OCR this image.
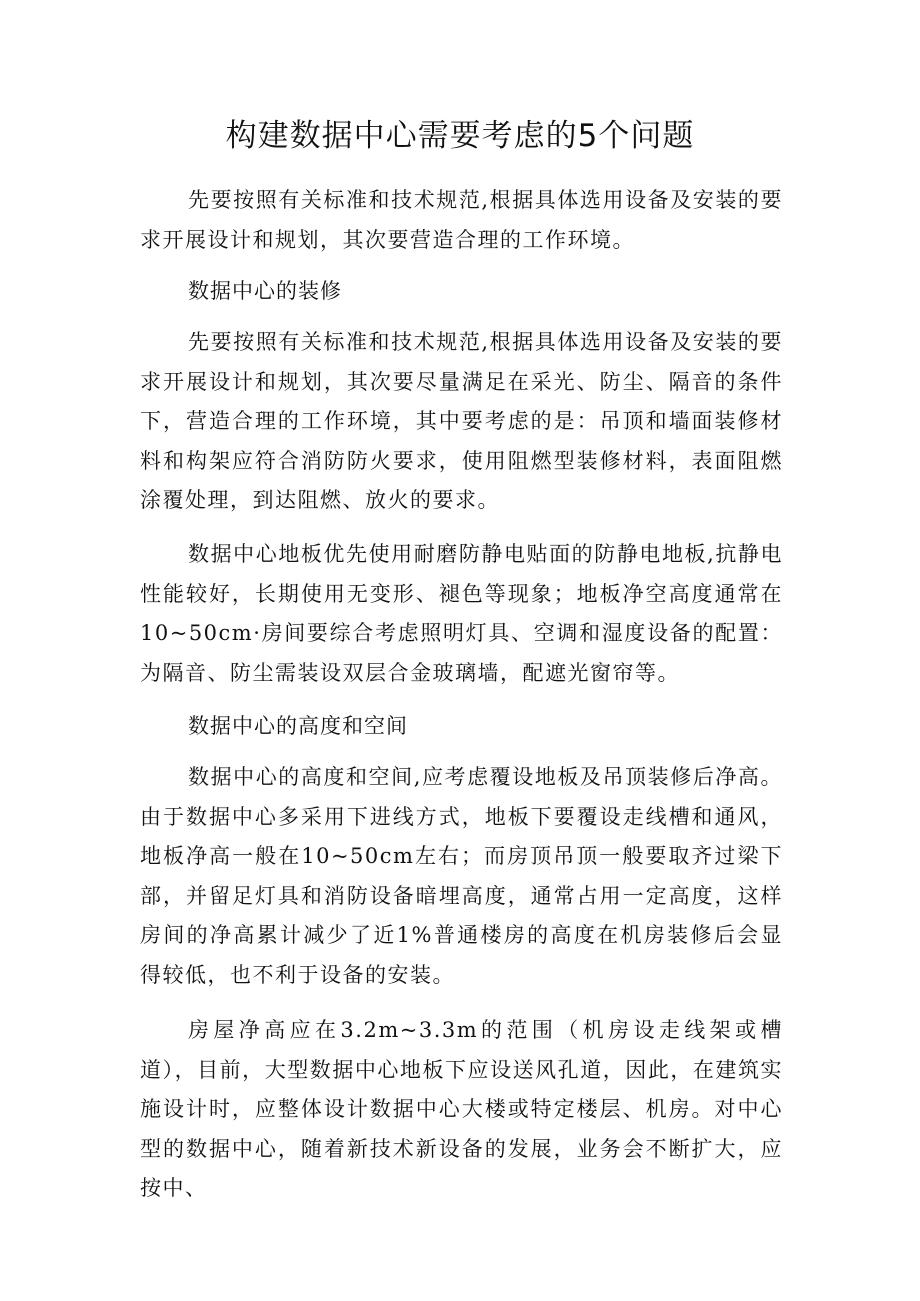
构建数据中心需要考虑的5个问题

先要按照有关标准和技术规范,根据具体选用设备及安装的要求开展设计和规划，其次要营造合理的工作环境。

数据中心的装修

先要按照有关标准和技术规范,根据具体选用设备及安装的要求开展设计和规划，其次要尽量满足在采光、防尘、隔音的条件下，营造合理的工作环境，其中要考虑的是：吊顶和墙面装修材料和构架应符合消防防火要求，使用阻燃型装修材料，表面阻燃涂覆处理，到达阻燃、放火的要求。

数据中心地板优先使用耐磨防静电贴面的防静电地板,抗静电性能较好，长期使用无变形、褪色等现象；地板净空高度通常在10~50cm·房间要综合考虑照明灯具、空调和湿度设备的配置：为隔音、防尘需装设双层合金玻璃墙，配遮光窗帘等。

数据中心的高度和空间

数据中心的高度和空间,应考虑覆设地板及吊顶装修后净高。由于数据中心多采用下进线方式，地板下要覆设走线槽和通风，地板净高一般在10~50cm左右；而房顶吊顶一般要取齐过梁下部，并留足灯具和消防设备暗埋高度，通常占用一定高度，这样房间的净高累计减少了近1%普通楼房的高度在机房装修后会显得较低，也不利于设备的安装。

房屋净高应在3.2m~3.3m的范围（机房设走线架或槽道），目前，大型数据中心地板下应设送风孔道，因此，在建筑实施设计时，应整体设计数据中心大楼或特定楼层、机房。对中心型的数据中心，随着新技术新设备的发展，业务会不断扩大，应按中、
